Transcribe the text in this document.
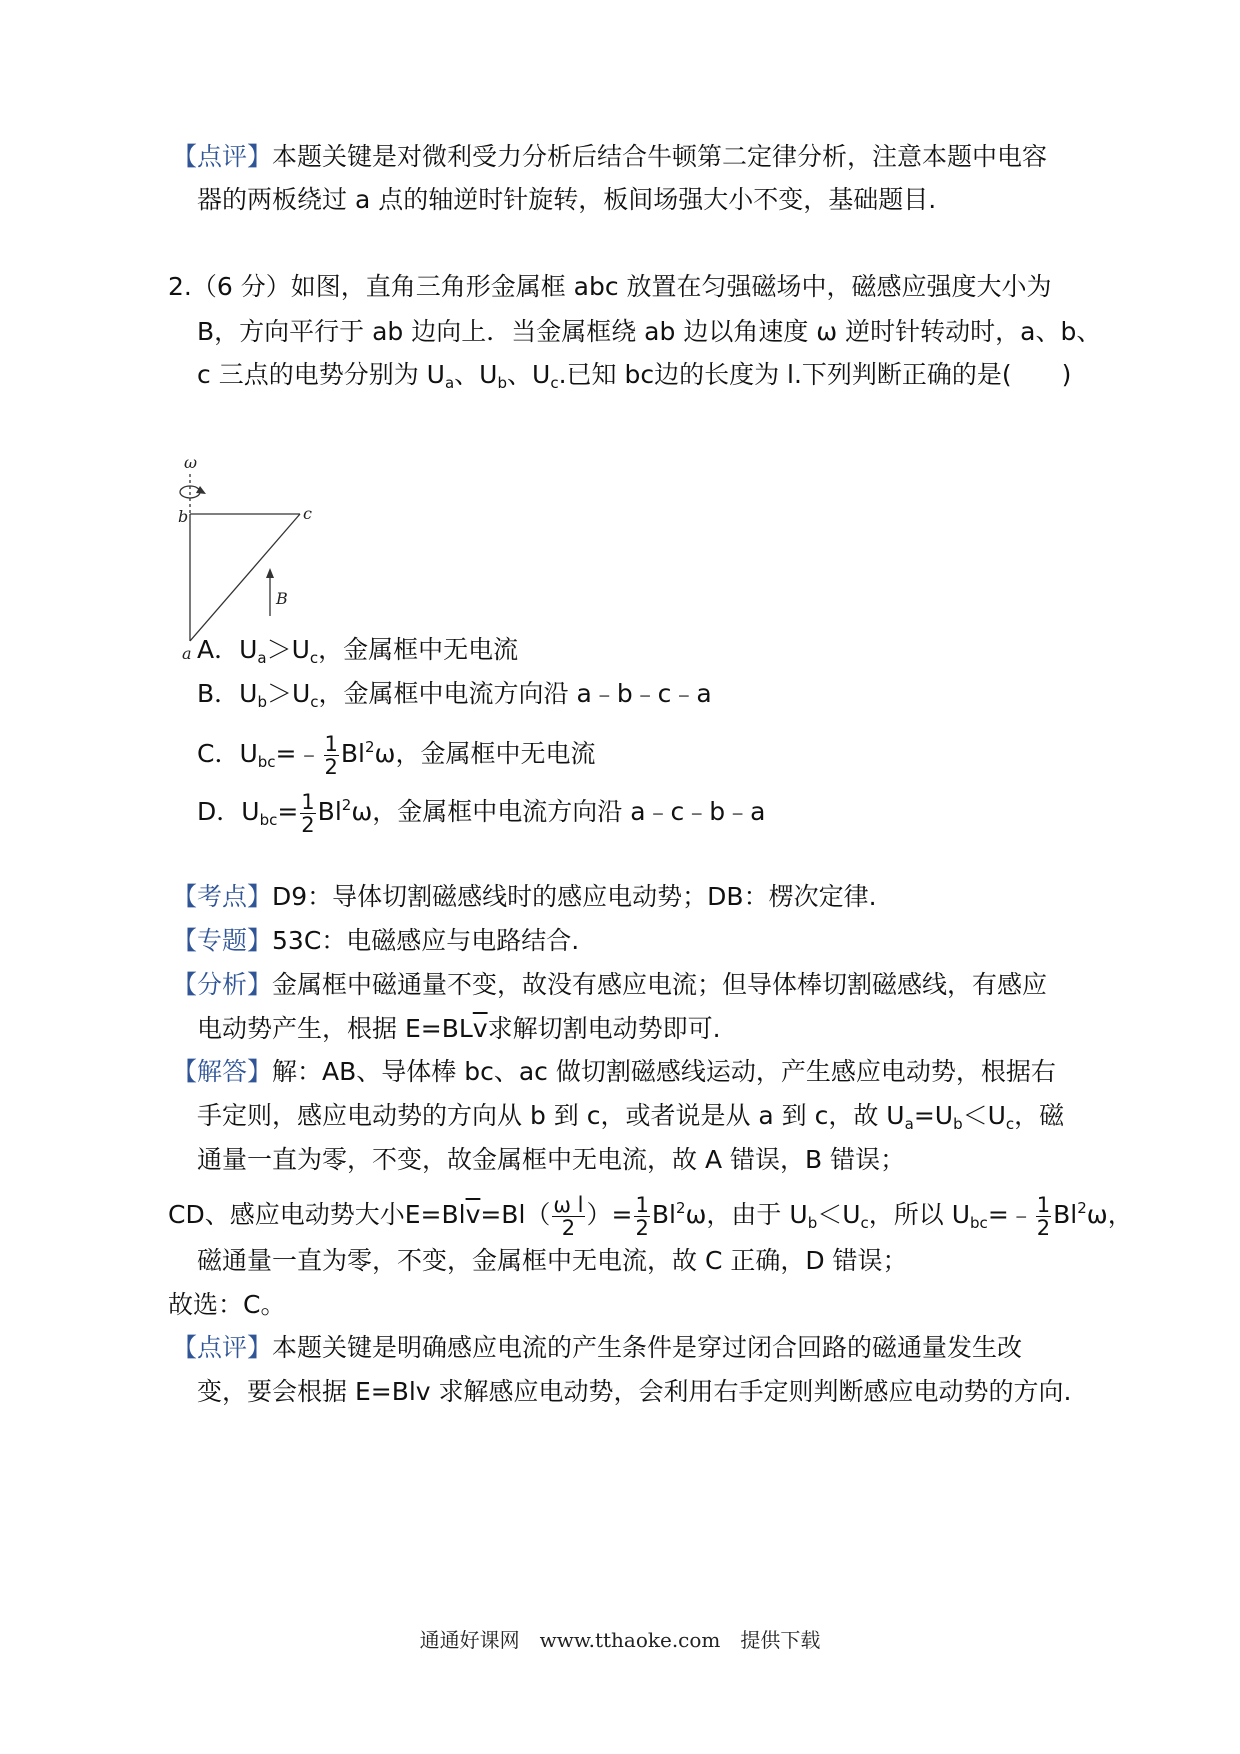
【点评】本题关键是对微利受力分析后结合牛顿第二定律分析，注意本题中电容
器的两板绕过 a 点的轴逆时针旋转，板间场强大小不变，基础题目.
2.（6 分）如图，直角三角形金属框 abc 放置在匀强磁场中，磁感应强度大小为
B，方向平行于 ab 边向上．当金属框绕 ab 边以角速度 ω 逆时针转动时，a、b、
c 三点的电势分别为 $U_a$、$U_b$、$U_c$.已知 bc边的长度为 l.下列判断正确的是(　　)
ω
b	c
a
B
A．$U_a>U_c$，金属框中无电流
B．$U_b>U_c$，金属框中电流方向沿 a﹣b﹣c﹣a
C．$U_{bc}=﹣ \frac{1}{2} Bl^2\omega$，金属框中无电流
D．$U_{bc}= \frac{1}{2} Bl^2\omega$，金属框中电流方向沿 a﹣c﹣b﹣a
【考点】D9：导体切割磁感线时的感应电动势；DB：楞次定律.
【专题】53C：电磁感应与电路结合.
【分析】金属框中磁通量不变，故没有感应电流；但导体棒切割磁感线，有感应
电动势产生，根据 $E=BL\overline{v}$求解切割电动势即可.
【解答】解：AB、导体棒 bc、ac 做切割磁感线运动，产生感应电动势，根据右
手定则，感应电动势的方向从 b 到 c，或者说是从 a 到 c，故 $U_a=U_b<U_c$，磁
通量一直为零，不变，故金属框中无电流，故 A 错误，B 错误；
CD、感应电动势大小$E=Bl\overline{v}=Bl( \frac{\text{ω l}}{2}$ ）= $\frac{1}{2} Bl^2\omega$，由于 $U_b<U_c$，所以 $U_{bc}=﹣ \frac{1}{2} Bl^2\omega$，
磁通量一直为零，不变，金属框中无电流，故 C 正确，D 错误；
故选：C。
【点评】本题关键是明确感应电流的产生条件是穿过闭合回路的磁通量发生改
变，要会根据 E=Blv 求解感应电动势，会利用右手定则判断感应电动势的方向.
通通好课网　www.tthaoke.com　提供下载
